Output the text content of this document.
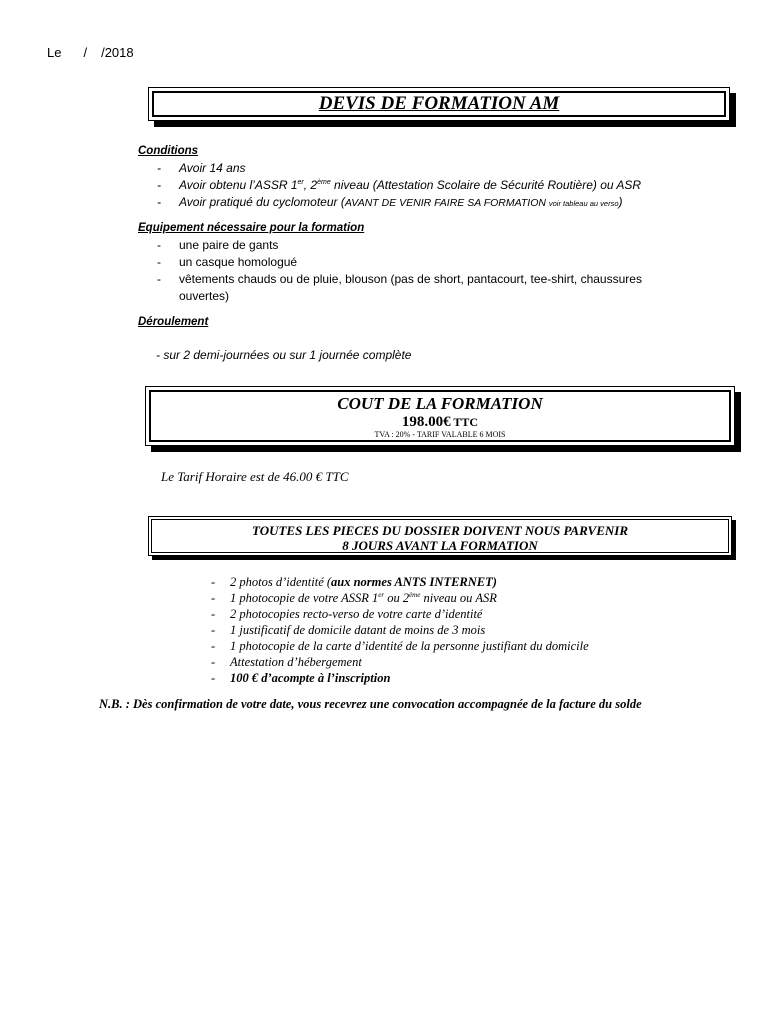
Le / /2018
DEVIS DE FORMATION AM
Conditions
- Avoir 14 ans
- Avoir obtenu l’ASSR 1er, 2ème niveau (Attestation Scolaire de Sécurité Routière) ou ASR
- Avoir pratiqué du cyclomoteur (AVANT DE VENIR FAIRE SA FORMATION voir tableau au verso)
Equipement nécessaire pour la formation
- une paire de gants
- un casque homologué
- vêtements chauds ou de pluie, blouson (pas de short, pantacourt, tee-shirt, chaussures
ouvertes)
Déroulement
- sur 2 demi-journées ou sur 1 journée complète
COUT DE LA FORMATION
198.00€ TTC
TVA : 20% - TARIF VALABLE 6 MOIS
Le Tarif Horaire est de 46.00 € TTC
TOUTES LES PIECES DU DOSSIER DOIVENT NOUS PARVENIR
8 JOURS AVANT LA FORMATION
- 2 photos d’identité (aux normes ANTS INTERNET)
- 1 photocopie de votre ASSR 1er ou 2ème niveau ou ASR
- 2 photocopies recto-verso de votre carte d’identité
- 1 justificatif de domicile datant de moins de 3 mois
- 1 photocopie de la carte d’identité de la personne justifiant du domicile
- Attestation d’hébergement
- 100 € d’acompte à l’inscription
N.B. : Dès confirmation de votre date, vous recevrez une convocation accompagnée de la facture du solde
